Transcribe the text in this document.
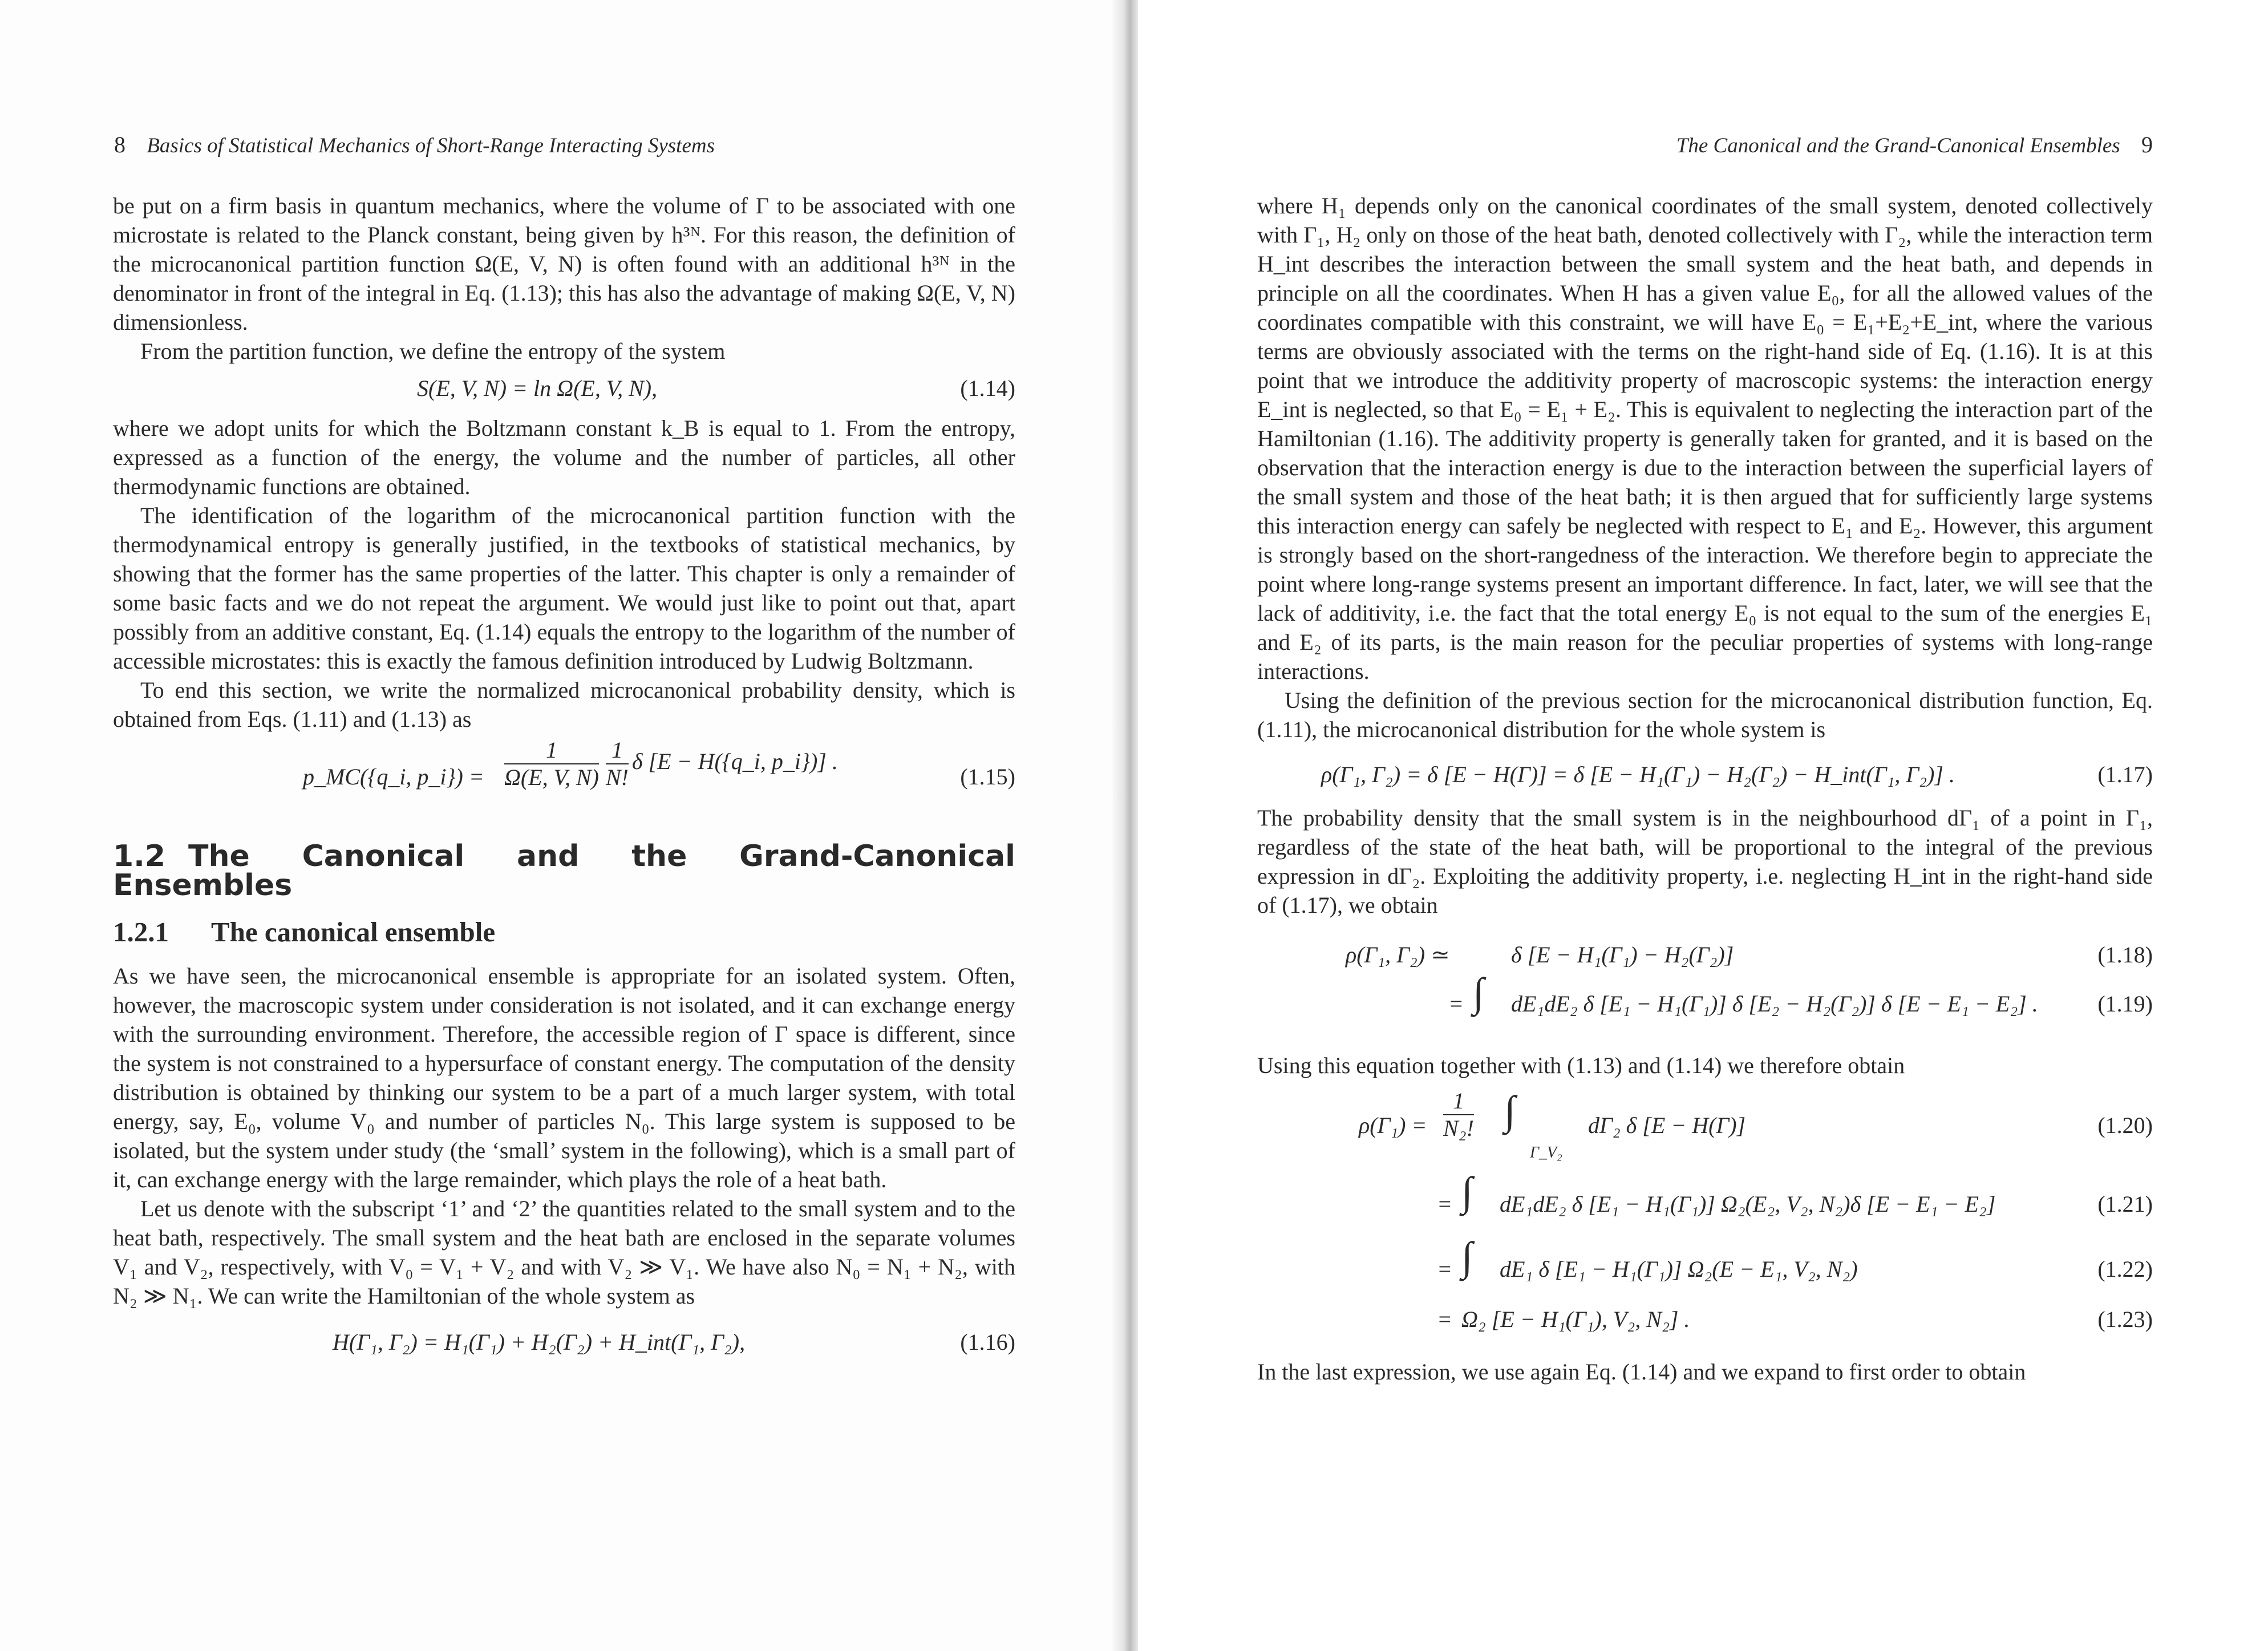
8 Basics of Statistical Mechanics of Short-Range Interacting Systems

be put on a firm basis in quantum mechanics, where the volume of Γ to be associated with one microstate is related to the Planck constant, being given by h³ᴺ. For this reason, the definition of the microcanonical partition function Ω(E, V, N) is often found with an additional h³ᴺ in the denominator in front of the integral in Eq. (1.13); this has also the advantage of making Ω(E, V, N) dimensionless.

From the partition function, we define the entropy of the system

S(E, V, N) = ln Ω(E, V, N),	(1.14)

where we adopt units for which the Boltzmann constant k_B is equal to 1. From the entropy, expressed as a function of the energy, the volume and the number of particles, all other thermodynamic functions are obtained.

The identification of the logarithm of the microcanonical partition function with the thermodynamical entropy is generally justified, in the textbooks of statistical mechanics, by showing that the former has the same properties of the latter. This chapter is only a remainder of some basic facts and we do not repeat the argument. We would just like to point out that, apart possibly from an additive constant, Eq. (1.14) equals the entropy to the logarithm of the number of accessible microstates: this is exactly the famous definition introduced by Ludwig Boltzmann.

To end this section, we write the normalized microcanonical probability density, which is obtained from Eqs. (1.11) and (1.13) as

p_MC({q_i, p_i}) = $\frac{1}{\Omega(E, V, N)} \frac{1}{N!}$ δ [E − H({q_i, p_i})] .
(1.15)
1.2 The Canonical and the Grand-Canonical Ensembles
1.2.1 The canonical ensemble

As we have seen, the microcanonical ensemble is appropriate for an isolated system. Often, however, the macroscopic system under consideration is not isolated, and it can exchange energy with the surrounding environment. Therefore, the accessible region of Γ space is different, since the system is not constrained to a hypersurface of constant energy. The computation of the density distribution is obtained by thinking our system to be a part of a much larger system, with total energy, say, E₀, volume V₀ and number of particles N₀. This large system is supposed to be isolated, but the system under study (the ‘small’ system in the following), which is a small part of it, can exchange energy with the large remainder, which plays the role of a heat bath.

Let us denote with the subscript ‘1’ and ‘2’ the quantities related to the small system and to the heat bath, respectively. The small system and the heat bath are enclosed in the separate volumes V₁ and V₂, respectively, with V₀ = V₁ + V₂ and with V₂ ≫ V₁. We have also N₀ = N₁ + N₂, with N₂ ≫ N₁. We can write the Hamiltonian of the whole system as

H(Γ₁, Γ₂) = H₁(Γ₁) + H₂(Γ₂) + H_int(Γ₁, Γ₂),	(1.16)
The Canonical and the Grand-Canonical Ensembles 9

where H₁ depends only on the canonical coordinates of the small system, denoted collectively with Γ₁, H₂ only on those of the heat bath, denoted collectively with Γ₂, while the interaction term H_int describes the interaction between the small system and the heat bath, and depends in principle on all the coordinates. When H has a given value E₀, for all the allowed values of the coordinates compatible with this constraint, we will have E₀ = E₁+E₂+E_int, where the various terms are obviously associated with the terms on the right-hand side of Eq. (1.16). It is at this point that we introduce the additivity property of macroscopic systems: the interaction energy E_int is neglected, so that E₀ = E₁ + E₂. This is equivalent to neglecting the interaction part of the Hamiltonian (1.16). The additivity property is generally taken for granted, and it is based on the observation that the interaction energy is due to the interaction between the superficial layers of the small system and those of the heat bath; it is then argued that for sufficiently large systems this interaction energy can safely be neglected with respect to E₁ and E₂. However, this argument is strongly based on the short-rangedness of the interaction. We therefore begin to appreciate the point where long-range systems present an important difference. In fact, later, we will see that the lack of additivity, i.e. the fact that the total energy E₀ is not equal to the sum of the energies E₁ and E₂ of its parts, is the main reason for the peculiar properties of systems with long-range interactions.

Using the definition of the previous section for the microcanonical distribution function, Eq. (1.11), the microcanonical distribution for the whole system is

ρ(Γ₁, Γ₂) = δ [E − H(Γ)] = δ [E − H₁(Γ₁) − H₂(Γ₂) − H_int(Γ₁, Γ₂)] .	(1.17)

The probability density that the small system is in the neighbourhood dΓ₁ of a point in Γ₁, regardless of the state of the heat bath, will be proportional to the integral of the previous expression in dΓ₂. Exploiting the additivity property, i.e. neglecting H_int in the right-hand side of (1.17), we obtain

ρ(Γ₁, Γ₂) ≃	δ [E − H₁(Γ₁) − H₂(Γ₂)]	(1.18)
= ∫ dE₁dE₂ δ [E₁ − H₁(Γ₁)] δ [E₂ − H₂(Γ₂)] δ [E − E₁ − E₂] .	(1.19)

Using this equation together with (1.13) and (1.14) we therefore obtain

$\rho(\Gamma_1) = \frac{1}{\text{N₂!}}$ ∫
Γ_V₂
dΓ₂ δ [E − H(Γ)]	(1.20)
= ∫ dE₁dE₂ δ [E₁ − H₁(Γ₁)] Ω₂(E₂, V₂, N₂)δ [E − E₁ − E₂]	(1.21)
= ∫ dE₁ δ [E₁ − H₁(Γ₁)] Ω₂(E − E₁, V₂, N₂)	(1.22)
= Ω₂ [E − H₁(Γ₁), V₂, N₂] .	(1.23)

In the last expression, we use again Eq. (1.14) and we expand to first order to obtain
